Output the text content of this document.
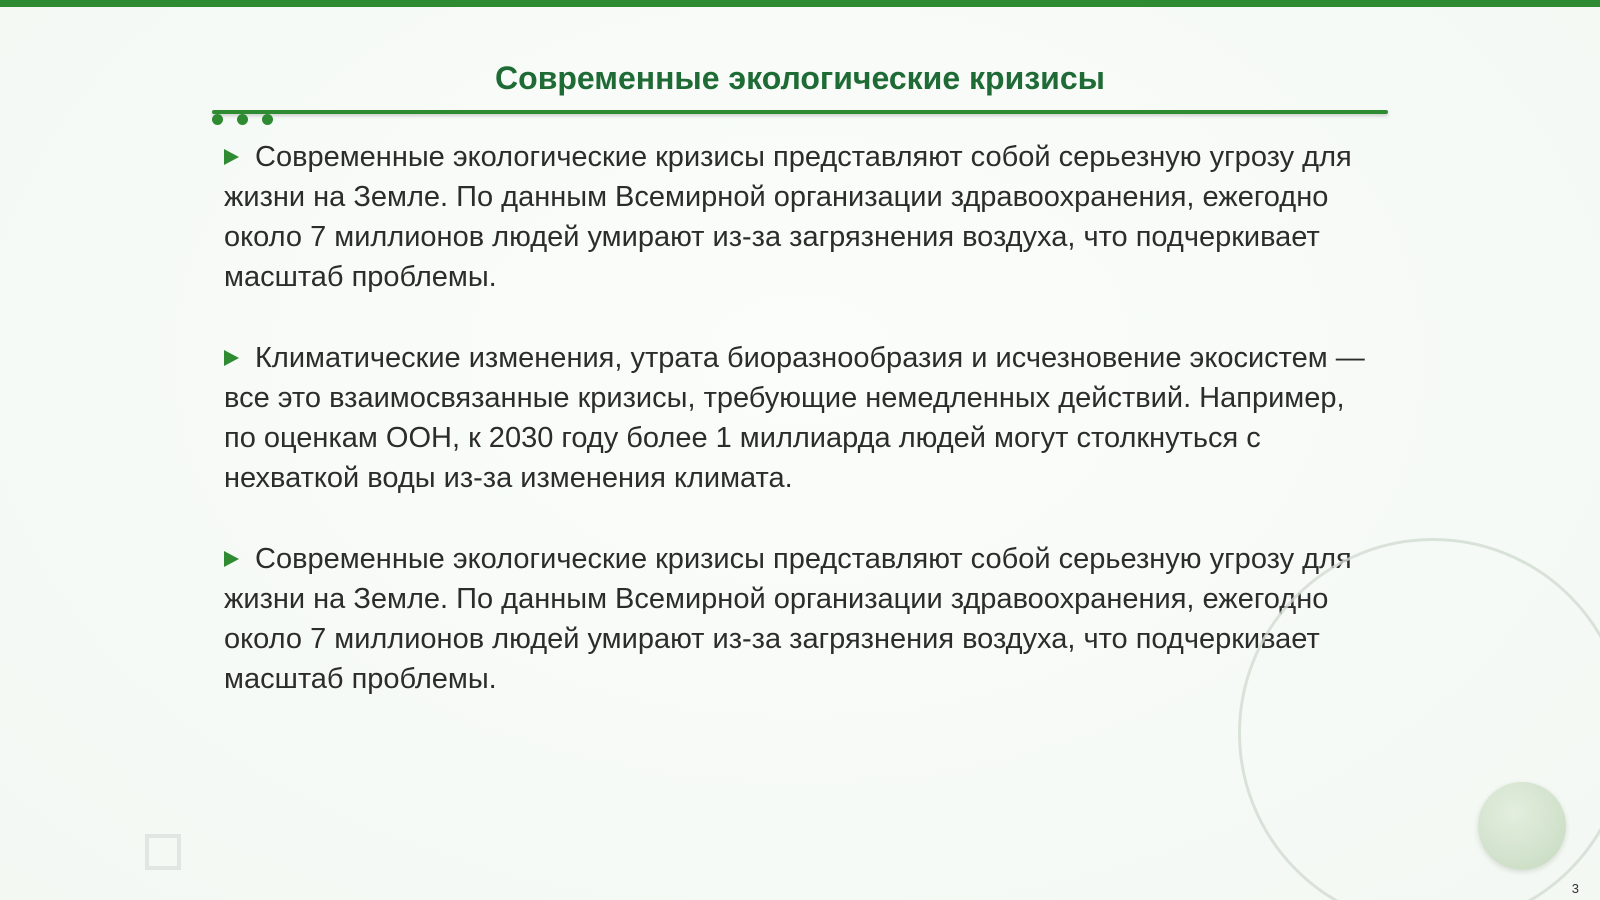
Современные экологические кризисы

Современные экологические кризисы представляют собой серьезную угрозу для жизни на Земле. По данным Всемирной организации здравоохранения, ежегодно около 7 миллионов людей умирают из-за загрязнения воздуха, что подчеркивает масштаб проблемы.

Климатические изменения, утрата биоразнообразия и исчезновение экосистем — все это взаимосвязанные кризисы, требующие немедленных действий. Например, по оценкам ООН, к 2030 году более 1 миллиарда людей могут столкнуться с нехваткой воды из-за изменения климата.

Современные экологические кризисы представляют собой серьезную угрозу для жизни на Земле. По данным Всемирной организации здравоохранения, ежегодно около 7 миллионов людей умирают из-за загрязнения воздуха, что подчеркивает масштаб проблемы.

3
